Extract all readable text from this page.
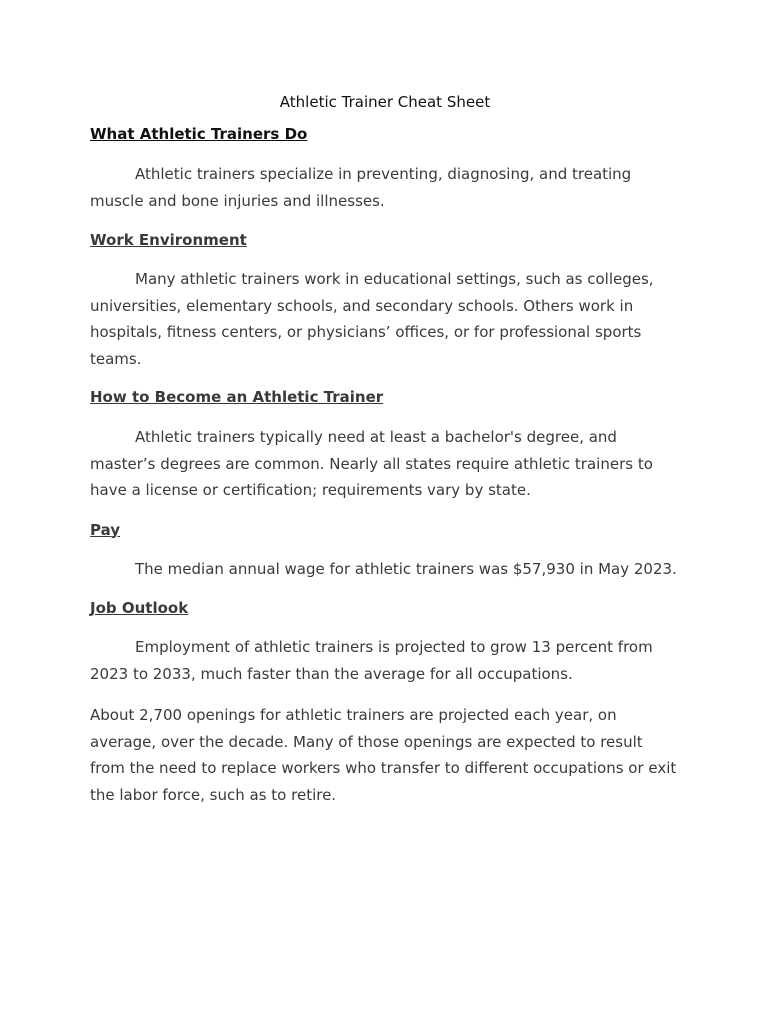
Athletic Trainer Cheat Sheet
What Athletic Trainers Do

Athletic trainers specialize in preventing, diagnosing, and treating muscle and bone injuries and illnesses.

Work Environment

Many athletic trainers work in educational settings, such as colleges, universities, elementary schools, and secondary schools. Others work in hospitals, fitness centers, or physicians’ offices, or for professional sports teams.

How to Become an Athletic Trainer

Athletic trainers typically need at least a bachelor's degree, and master’s degrees are common. Nearly all states require athletic trainers to have a license or certification; requirements vary by state.

Pay

The median annual wage for athletic trainers was $57,930 in May 2023.

Job Outlook

Employment of athletic trainers is projected to grow 13 percent from 2023 to 2033, much faster than the average for all occupations.

About 2,700 openings for athletic trainers are projected each year, on average, over the decade. Many of those openings are expected to result from the need to replace workers who transfer to different occupations or exit the labor force, such as to retire.
